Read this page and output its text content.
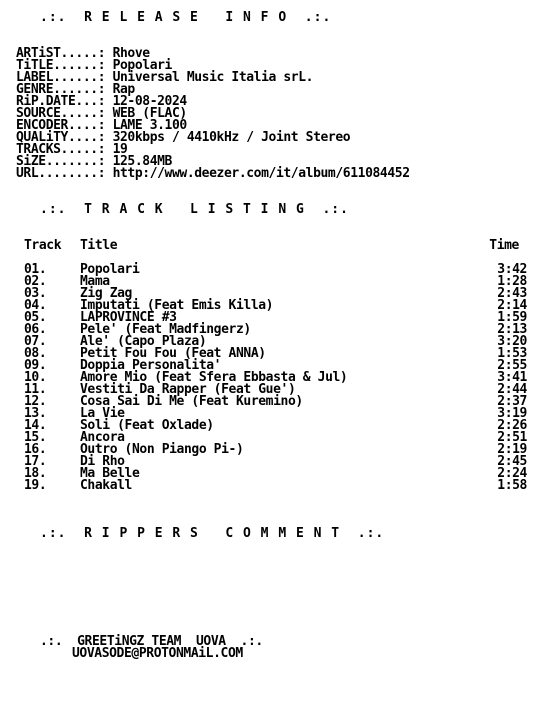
.:.  R E L E A S E   I N F O  .:.
ARTiST.....: Rhove
TiTLE......: Popolari
LABEL......: Universal Music Italia srL.
GENRE......: Rap
RiP.DATE...: 12-08-2024
SOURCE.....: WEB (FLAC)
ENCODER....: LAME 3.100
QUALiTY....: 320kbps / 4410kHz / Joint Stereo
TRACKS.....: 19
SiZE.......: 125.84MB
URL........: http://www.deezer.com/it/album/611084452
.:.  T R A C K   L I S T I N G  .:.
Track Title	Time
01.	Popolari	3:42
02.	Mama	1:28
03.	Zig Zag	2:43
04.	Imputati (Feat Emis Killa)	2:14
05.	LAPROVINCE #3	1:59
06.	Pele' (Feat Madfingerz)	2:13
07.	Ale' (Capo Plaza)	3:20
08.	Petit Fou Fou (Feat ANNA)	1:53
09.	Doppia Personalita'	2:55
10.	Amore Mio (Feat Sfera Ebbasta & Jul)	3:41
11.	Vestiti Da Rapper (Feat Gue')	2:44
12.	Cosa Sai Di Me (Feat Kuremino)	2:37
13.	La Vie	3:19
14.	Soli (Feat Oxlade)	2:26
15.	Ancora	2:51
16.	Outro (Non Piango Pi-)	2:19
17.	Di Rho	2:45
18.	Ma Belle	2:24
19.	Chakall	1:58
.:.  R I P P E R S   C O M M E N T  .:.
.:.  GREETiNGZ TEAM  UOVA  .:.
UOVASODE@PROTONMAiL.COM
